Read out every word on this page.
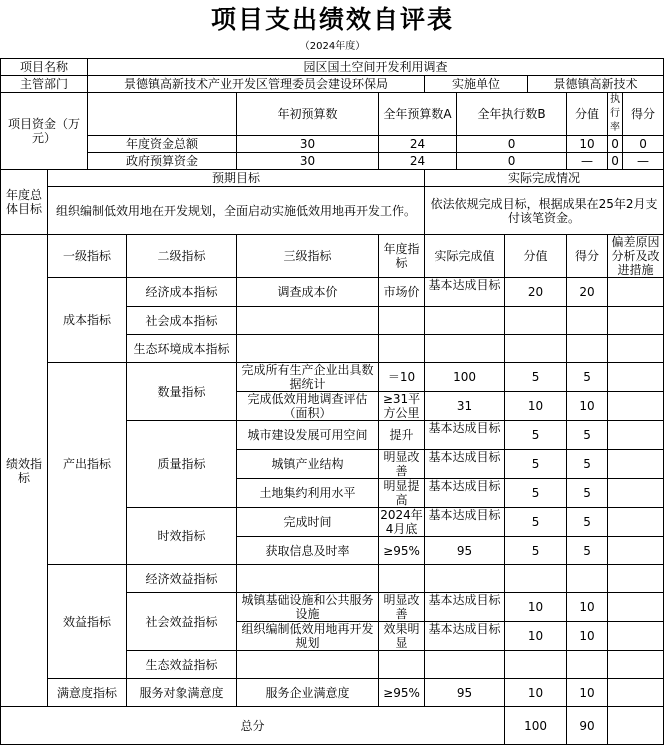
项目支出绩效自评表
（2024年度）
项目名称		园区国土空间开发利用调查										
主管部门		景德镇高新技术产业开发区管理委员会建设环保局				实施单位			景德镇高新技术			
项目资金（万元）				年初预算数	全年预算数A		全年执行数B			分值	执行率	得分
		年度资金总额		30	24		0			10	0	0
		政府预算资金		30	24		0			—	0	—
年度总体目标	预期目标					实际完成情况						
	组织编制低效用地在开发规划，全面启动实施低效用地再开发工作。					依法依规完成目标，根据成果在25年2月支付该笔资金。						
绩效指标	一级指标		二级指标	三级指标	年度指标	实际完成值		分值		得分	偏差原因分析及改进措施	
	成本指标		经济成本指标	调查成本价	市场价	基本达成目标		20		20		
			社会成本指标									
			生态环境成本指标									
	产出指标		数量指标	完成所有生产企业出具数据统计	＝10	100		5		5		

				完成低效用地调查评估（面积）	≥31平方公里	31		10		10		
			质量指标	城市建设发展可用空间	提升	基本达成目标		5		5		
				城镇产业结构	明显改善	基本达成目标		5		5		
				土地集约利用水平	明显提高	基本达成目标		5		5		
			时效指标	完成时间	2024年4月底	基本达成目标		5		5		
				获取信息及时率	≥95%	95		5		5		
	效益指标		经济效益指标									
			社会效益指标	城镇基础设施和公共服务设施	明显改善	基本达成目标		10		10		

				组织编制低效用地再开发规划	效果明显	基本达成目标		10		10		
			生态效益指标									
	满意度指标		服务对象满意度	服务企业满意度	≥95%	95		10		10		
总分								100		90		
